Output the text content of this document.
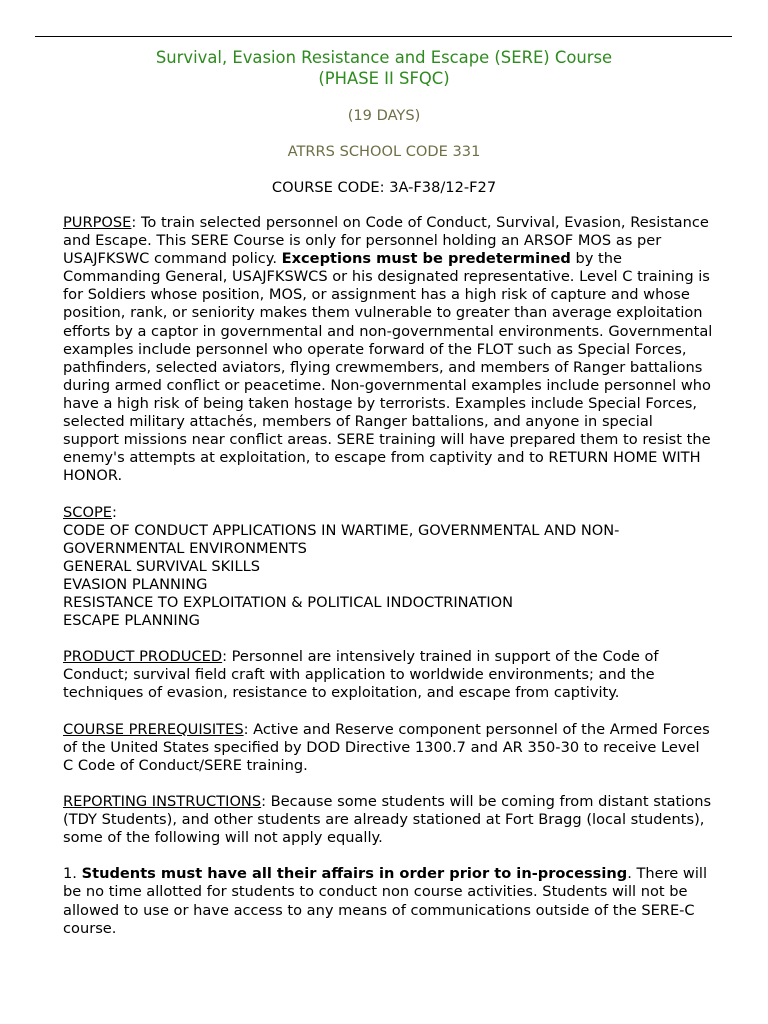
Survival, Evasion Resistance and Escape (SERE) Course
(PHASE II SFQC)
(19 DAYS)
ATRRS SCHOOL CODE 331
COURSE CODE: 3A-F38/12-F27

PURPOSE: To train selected personnel on Code of Conduct, Survival, Evasion, Resistance and Escape. This SERE Course is only for personnel holding an ARSOF MOS as per USAJFKSWC command policy. Exceptions must be predetermined by the Commanding General, USAJFKSWCS or his designated representative. Level C training is for Soldiers whose position, MOS, or assignment has a high risk of capture and whose position, rank, or seniority makes them vulnerable to greater than average exploitation efforts by a captor in governmental and non-governmental environments. Governmental examples include personnel who operate forward of the FLOT such as Special Forces, pathfinders, selected aviators, flying crewmembers, and members of Ranger battalions during armed conflict or peacetime. Non-governmental examples include personnel who have a high risk of being taken hostage by terrorists. Examples include Special Forces, selected military attachés, members of Ranger battalions, and anyone in special support missions near conflict areas. SERE training will have prepared them to resist the enemy's attempts at exploitation, to escape from captivity and to RETURN HOME WITH HONOR.

SCOPE:
CODE OF CONDUCT APPLICATIONS IN WARTIME, GOVERNMENTAL AND NON-GOVERNMENTAL ENVIRONMENTS
GENERAL SURVIVAL SKILLS
EVASION PLANNING
RESISTANCE TO EXPLOITATION & POLITICAL INDOCTRINATION
ESCAPE PLANNING

PRODUCT PRODUCED: Personnel are intensively trained in support of the Code of Conduct; survival field craft with application to worldwide environments; and the techniques of evasion, resistance to exploitation, and escape from captivity.

COURSE PREREQUISITES: Active and Reserve component personnel of the Armed Forces of the United States specified by DOD Directive 1300.7 and AR 350-30 to receive Level C Code of Conduct/SERE training.

REPORTING INSTRUCTIONS: Because some students will be coming from distant stations (TDY Students), and other students are already stationed at Fort Bragg (local students), some of the following will not apply equally.

1. Students must have all their affairs in order prior to in-processing. There will be no time allotted for students to conduct non course activities. Students will not be allowed to use or have access to any means of communications outside of the SERE-C course.
